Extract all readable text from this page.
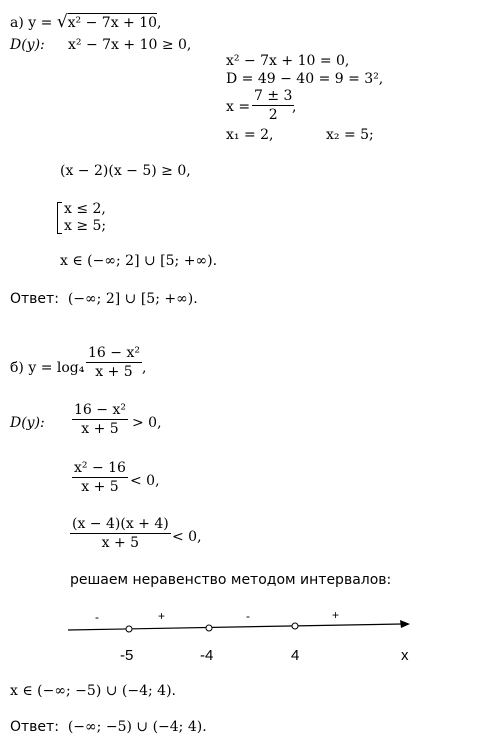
а) y = √x² − 7x + 10,
D(y): x² − 7x + 10 ≥ 0,
x² − 7x + 10 = 0,
D = 49 − 40 = 9 = 3²,
$x = \frac{7 \pm 3}{2}$
,
x₁ = 2,	x₂ = 5;
(x − 2)(x − 5) ≥ 0,
x ≤ 2,
x ≥ 5;
x ∈ (−∞; 2] ∪ [5; +∞).
Ответ: (−∞; 2] ∪ [5; +∞).
б) $y = \log_4 \frac{\text{16 − x²}}{x + 5}$ ,
D(y): $\frac{\text{16 − x²}}{x + 5} > 0$,
$\frac{\text{x² − 16}}{x + 5} < 0$,
$\frac{(x - 4)(x + 4)}{x + 5} < 0$,
решаем неравенство методом интервалов:
-	+	-	+
-5	-4	4	x
x ∈ (−∞; −5) ∪ (−4; 4).
Ответ: (−∞; −5) ∪ (−4; 4).
